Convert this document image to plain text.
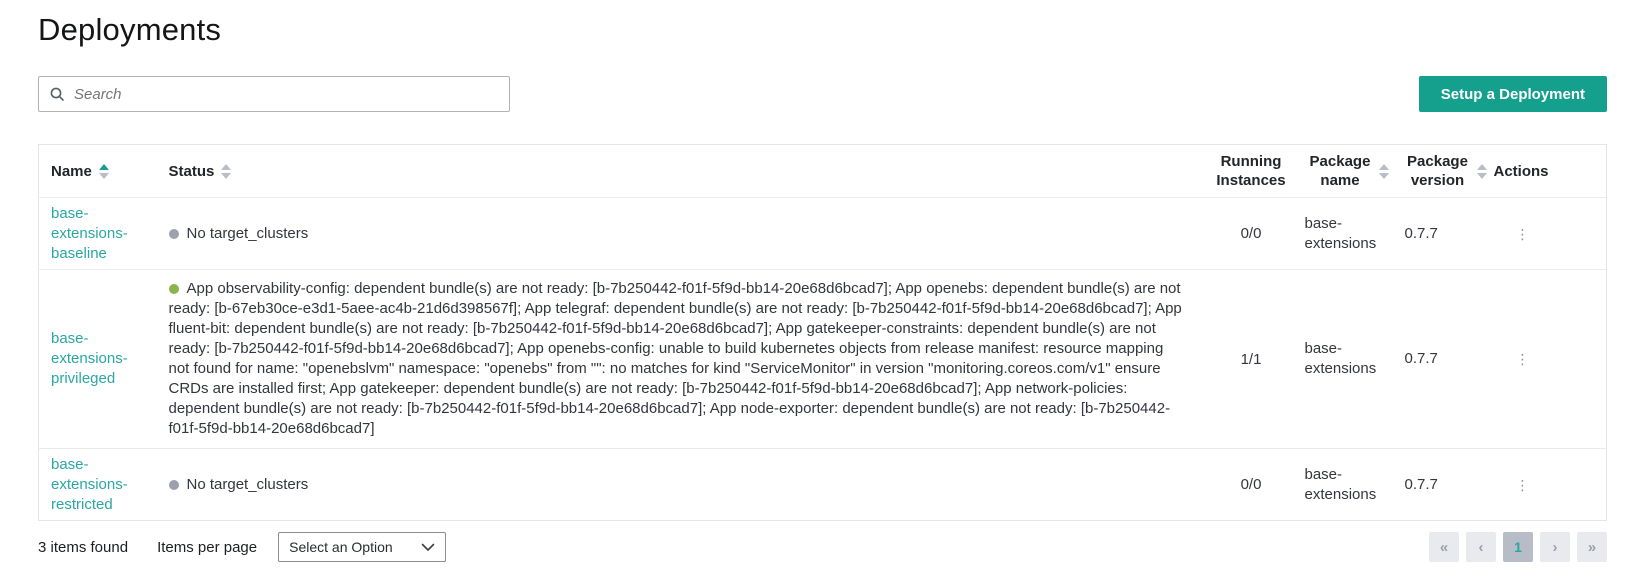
Deployments
Search
Setup a Deployment
Name	Status	Running Instances	Package name	Package version	Actions
base-extensions-baseline	No target_clusters	0/0	base-extensions	0.7.7	⋮
base-extensions-privileged	App observability-config: dependent bundle(s) are not ready: [b-7b250442-f01f-5f9d-bb14-20e68d6bcad7]; App openebs: dependent bundle(s) are not ready: [b-67eb30ce-e3d1-5aee-ac4b-21d6d398567f]; App telegraf: dependent bundle(s) are not ready: [b-7b250442-f01f-5f9d-bb14-20e68d6bcad7]; App fluent-bit: dependent bundle(s) are not ready: [b-7b250442-f01f-5f9d-bb14-20e68d6bcad7]; App gatekeeper-constraints: dependent bundle(s) are not ready: [b-7b250442-f01f-5f9d-bb14-20e68d6bcad7]; App openebs-config: unable to build kubernetes objects from release manifest: resource mapping not found for name: "openebslvm" namespace: "openebs" from "": no matches for kind "ServiceMonitor" in version "monitoring.coreos.com/v1" ensure CRDs are installed first; App gatekeeper: dependent bundle(s) are not ready: [b-7b250442-f01f-5f9d-bb14-20e68d6bcad7]; App network-policies: dependent bundle(s) are not ready: [b-7b250442-f01f-5f9d-bb14-20e68d6bcad7]; App node-exporter: dependent bundle(s) are not ready: [b-7b250442-f01f-5f9d-bb14-20e68d6bcad7]	1/1	base-extensions	0.7.7	⋮
base-extensions-restricted	No target_clusters	0/0	base-extensions	0.7.7	⋮
3 items found Items per page Select an Option	«	‹	1	›	»
